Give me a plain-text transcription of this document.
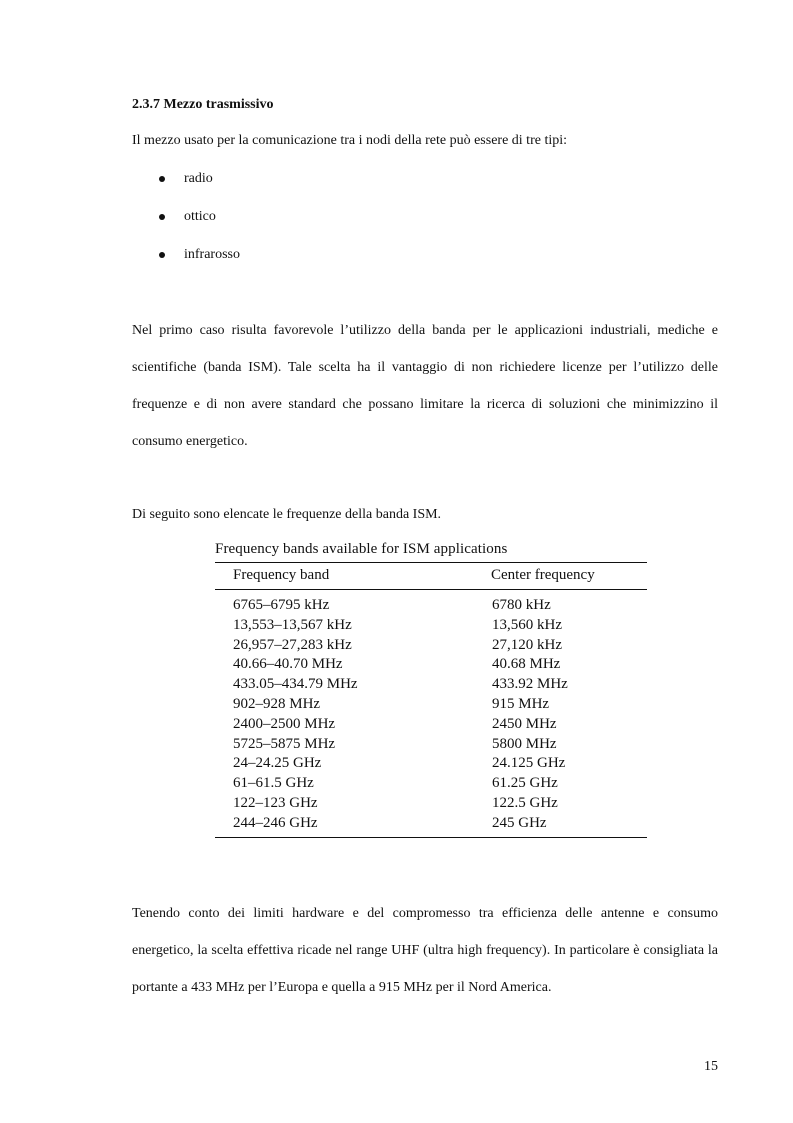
2.3.7 Mezzo trasmissivo

Il mezzo usato per la comunicazione tra i nodi della rete può essere di tre tipi:

radio
ottico
infrarosso

Nel primo caso risulta favorevole l’utilizzo della banda per le applicazioni industriali, mediche e scientifiche (banda ISM). Tale scelta ha il vantaggio di non richiedere licenze per l’utilizzo delle frequenze e di non avere standard che possano limitare la ricerca di soluzioni che minimizzino il consumo energetico.

Di seguito sono elencate le frequenze della banda ISM.

Frequency bands available for ISM applications

Frequency band	Center frequency
6765–6795 kHz	6780 kHz
13,553–13,567 kHz	13,560 kHz
26,957–27,283 kHz	27,120 kHz
40.66–40.70 MHz	40.68 MHz
433.05–434.79 MHz	433.92 MHz
902–928 MHz	915 MHz
2400–2500 MHz	2450 MHz
5725–5875 MHz	5800 MHz
24–24.25 GHz	24.125 GHz
61–61.5 GHz	61.25 GHz
122–123 GHz	122.5 GHz
244–246 GHz	245 GHz

Tenendo conto dei limiti hardware e del compromesso tra efficienza delle antenne e consumo energetico, la scelta effettiva ricade nel range UHF (ultra high frequency). In particolare è consigliata la portante a 433 MHz per l’Europa e quella a 915 MHz per il Nord America.

15
